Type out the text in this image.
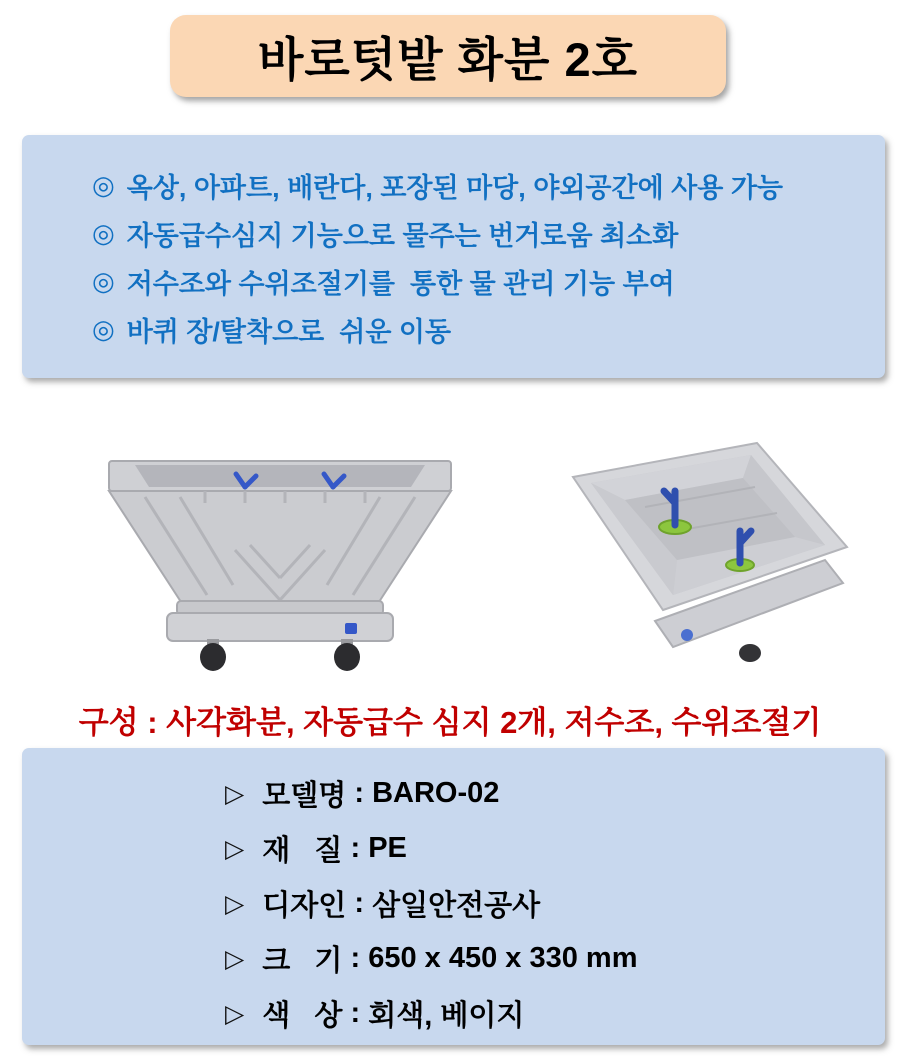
바로텃밭 화분 2호
◎ 옥상, 아파트, 배란다, 포장된 마당, 야외공간에 사용 가능
◎ 자동급수심지 기능으로 물주는 번거로움 최소화
◎ 저수조와 수위조절기를  통한 물 관리 기능 부여
◎ 바퀴 장/탈착으로  쉬운 이동
구성 : 사각화분, 자동급수 심지 2개, 저수조, 수위조절기
▷ 모델명 : BARO-02
▷ 재   질 : PE
▷ 디자인 : 삼일안전공사
▷ 크   기 : 650 x 450 x 330 mm
▷ 색   상 : 회색, 베이지
